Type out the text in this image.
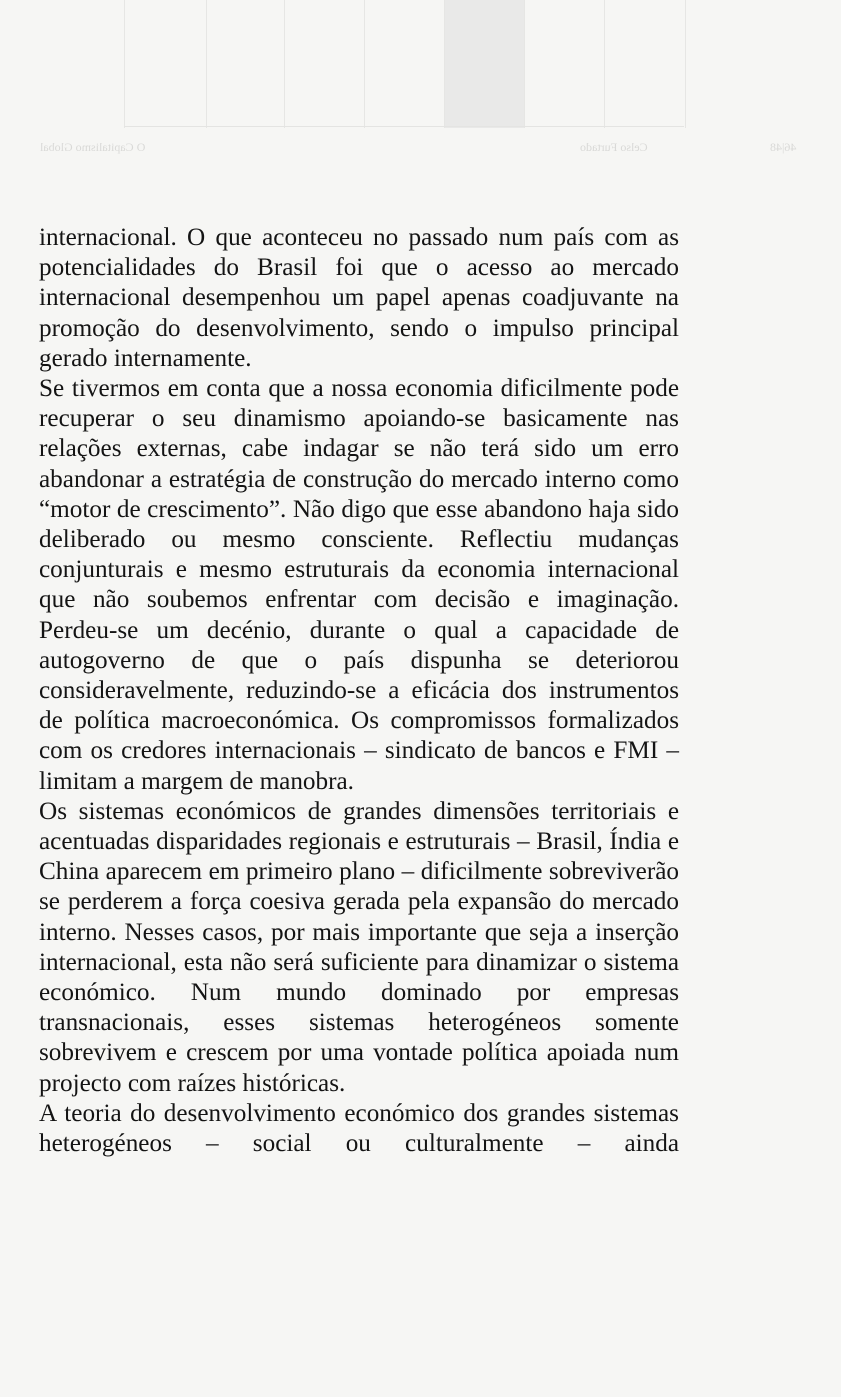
O Capitalismo Global	Celso Furtado	46|48

internacional. O que aconteceu no passado num país com as potencialidades do Brasil foi que o acesso ao mercado internacional desempenhou um papel apenas coadjuvante na promoção do desenvolvimento, sendo o impulso principal gerado internamente.

Se tivermos em conta que a nossa economia dificilmente pode recuperar o seu dinamismo apoiando-se basicamente nas relações externas, cabe indagar se não terá sido um erro abandonar a estratégia de construção do mercado interno como “motor de crescimento”. Não digo que esse abandono haja sido deliberado ou mesmo consciente. Reflectiu mudanças conjunturais e mesmo estruturais da economia internacional que não soubemos enfrentar com decisão e imaginação. Perdeu-se um decénio, durante o qual a capacidade de autogoverno de que o país dispunha se deteriorou consideravelmente, reduzindo-se a eficácia dos instrumentos de política macroeconómica. Os compromissos formalizados com os credores internacionais – sindicato de bancos e FMI – limitam a margem de manobra.

Os sistemas económicos de grandes dimensões territoriais e acentuadas disparidades regionais e estruturais – Brasil, Índia e China aparecem em primeiro plano – dificilmente sobreviverão se perderem a força coesiva gerada pela expansão do mercado interno. Nesses casos, por mais importante que seja a inserção internacional, esta não será suficiente para dinamizar o sistema económico. Num mundo dominado por empresas transnacionais, esses sistemas heterogéneos somente sobrevivem e crescem por uma vontade política apoiada num projecto com raízes históricas.

A teoria do desenvolvimento económico dos grandes sistemas heterogéneos – social ou culturalmente – ainda
